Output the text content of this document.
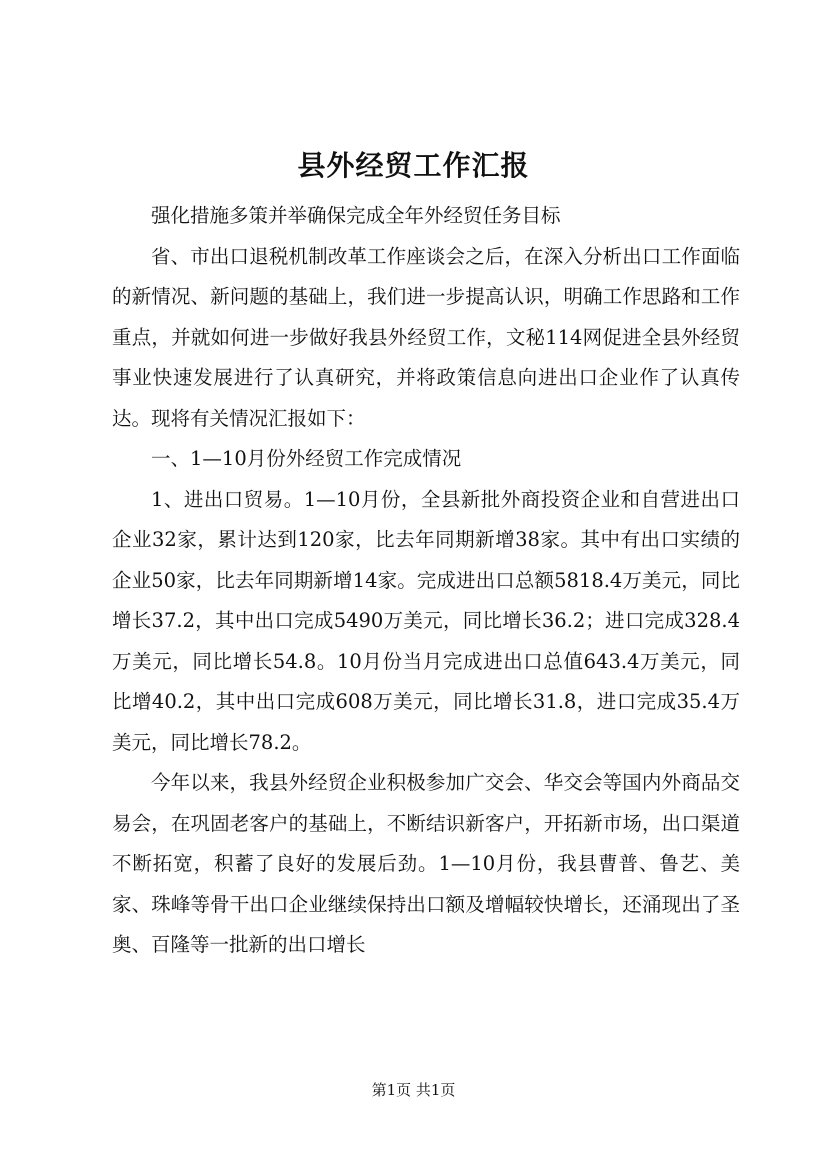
县外经贸工作汇报

强化措施多策并举确保完成全年外经贸任务目标

省、市出口退税机制改革工作座谈会之后，在深入分析出口工作面临的新情况、新问题的基础上，我们进一步提高认识，明确工作思路和工作重点，并就如何进一步做好我县外经贸工作，文秘114网促进全县外经贸事业快速发展进行了认真研究，并将政策信息向进出口企业作了认真传达。现将有关情况汇报如下：

一、1—10月份外经贸工作完成情况

1、进出口贸易。1—10月份，全县新批外商投资企业和自营进出口企业32家，累计达到120家，比去年同期新增38家。其中有出口实绩的企业50家，比去年同期新增14家。完成进出口总额5818.4万美元，同比增长37.2，其中出口完成5490万美元，同比增长36.2；进口完成328.4万美元，同比增长54.8。10月份当月完成进出口总值643.4万美元，同比增40.2，其中出口完成608万美元，同比增长31.8，进口完成35.4万美元，同比增长78.2。

今年以来，我县外经贸企业积极参加广交会、华交会等国内外商品交易会，在巩固老客户的基础上，不断结识新客户，开拓新市场，出口渠道不断拓宽，积蓄了良好的发展后劲。1—10月份，我县曹普、鲁艺、美家、珠峰等骨干出口企业继续保持出口额及增幅较快增长，还涌现出了圣奥、百隆等一批新的出口增长

第1页 共1页
